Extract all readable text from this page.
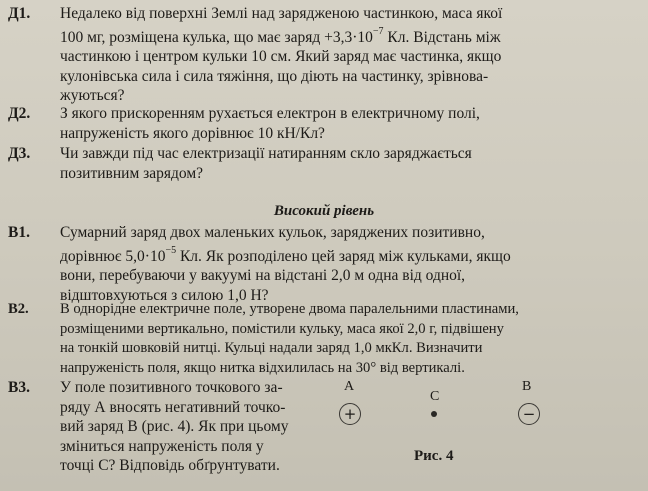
Д1.	Недалеко від поверхні Землі над зарядженою частинкою, маса якої
100 мг, розміщена кулька, що має заряд $+3,3\cdot 10^{-7}$ Кл. Відстань між
частинкою і центром кульки 10 см. Який заряд має частинка, якщо
кулонівська сила і сила тяжіння, що діють на частинку, зрівнова-
жуються?
Д2.	З якого прискоренням рухається електрон в електричному полі,
напруженість якого дорівнює 10 кН/Кл?
Д3.	Чи завжди під час електризації натиранням скло заряджається
позитивним зарядом?
Високий рівень
В1.	Сумарний заряд двох маленьких кульок, заряджених позитивно,
дорівнює $5,0\cdot 10^{-5}$ Кл. Як розподілено цей заряд між кульками, якщо
вони, перебуваючи у вакуумі на відстані 2,0 м одна від одної,
відштовхуються з силою 1,0 Н?
В2.	В однорідне електричне поле, утворене двома паралельними пластинами,
розміщеними вертикально, помістили кульку, маса якої 2,0 г, підвішену
на тонкій шовковій нитці. Кульці надали заряд 1,0 мкКл. Визначити
напруженість поля, якщо нитка відхилилась на 30° від вертикалі.
В3.	У поле позитивного точкового за-
ряду А вносять негативний точко-
вий заряд В (рис. 4). Як при цьому
зміниться напруженість поля у
точці С? Відповідь обґрунтувати.
A	B
C
+	−
Рис. 4
